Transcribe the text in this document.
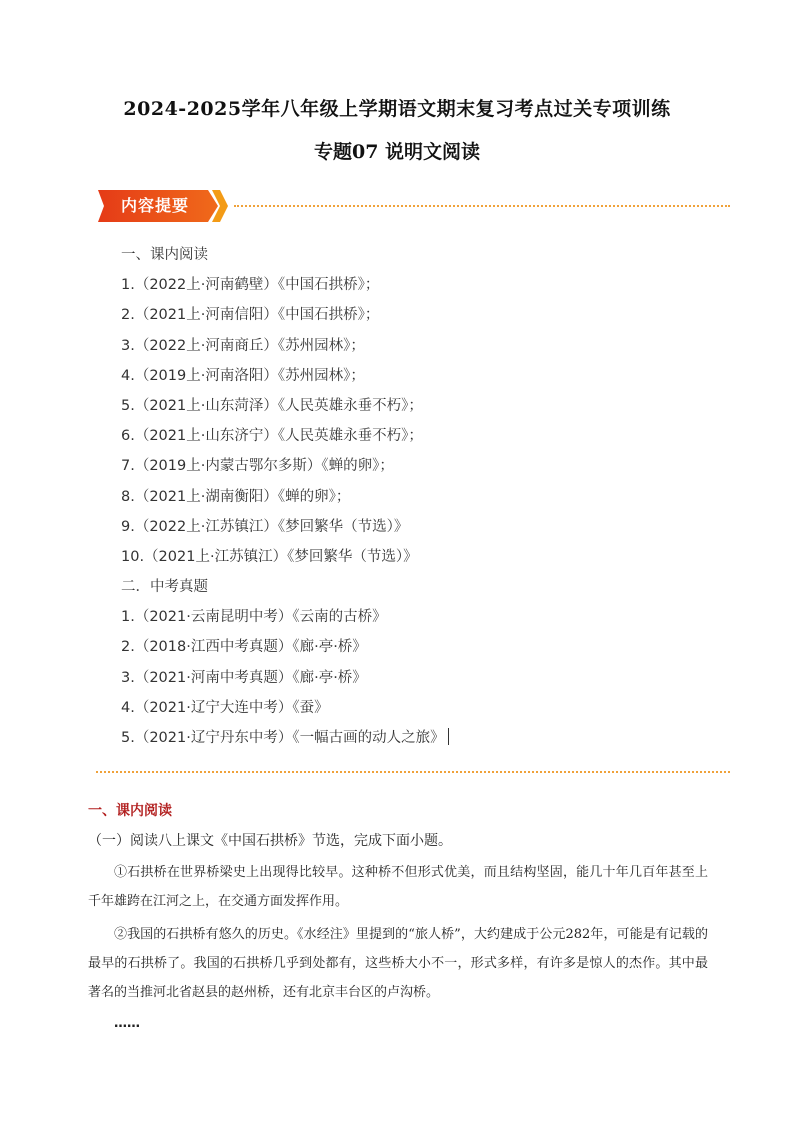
2024-2025学年八年级上学期语文期末复习考点过关专项训练
专题07 说明文阅读
内容提要
一、课内阅读
1.（2022上·河南鹤壁）《中国石拱桥》；
2.（2021上·河南信阳）《中国石拱桥》；
3.（2022上·河南商丘）《苏州园林》；
4.（2019上·河南洛阳）《苏州园林》；
5.（2021上·山东菏泽）《人民英雄永垂不朽》；
6.（2021上·山东济宁）《人民英雄永垂不朽》；
7.（2019上·内蒙古鄂尔多斯）《蝉的卵》；
8.（2021上·湖南衡阳）《蝉的卵》；
9.（2022上·江苏镇江）《梦回繁华（节选）》
10.（2021上·江苏镇江）《梦回繁华（节选）》
二．中考真题
1.（2021·云南昆明中考）《云南的古桥》
2.（2018·江西中考真题）《廊·亭·桥》
3.（2021·河南中考真题）《廊·亭·桥》
4.（2021·辽宁大连中考）《蚕》
5.（2021·辽宁丹东中考）《一幅古画的动人之旅》
一、课内阅读
（一）阅读八上课文《中国石拱桥》节选，完成下面小题。
①石拱桥在世界桥梁史上出现得比较早。这种桥不但形式优美，而且结构坚固，能几十年几百年甚至上千年雄跨在江河之上，在交通方面发挥作用。
②我国的石拱桥有悠久的历史。《水经注》里提到的“旅人桥”，大约建成于公元282年，可能是有记载的最早的石拱桥了。我国的石拱桥几乎到处都有，这些桥大小不一，形式多样，有许多是惊人的杰作。其中最著名的当推河北省赵县的赵州桥，还有北京丰台区的卢沟桥。
……
